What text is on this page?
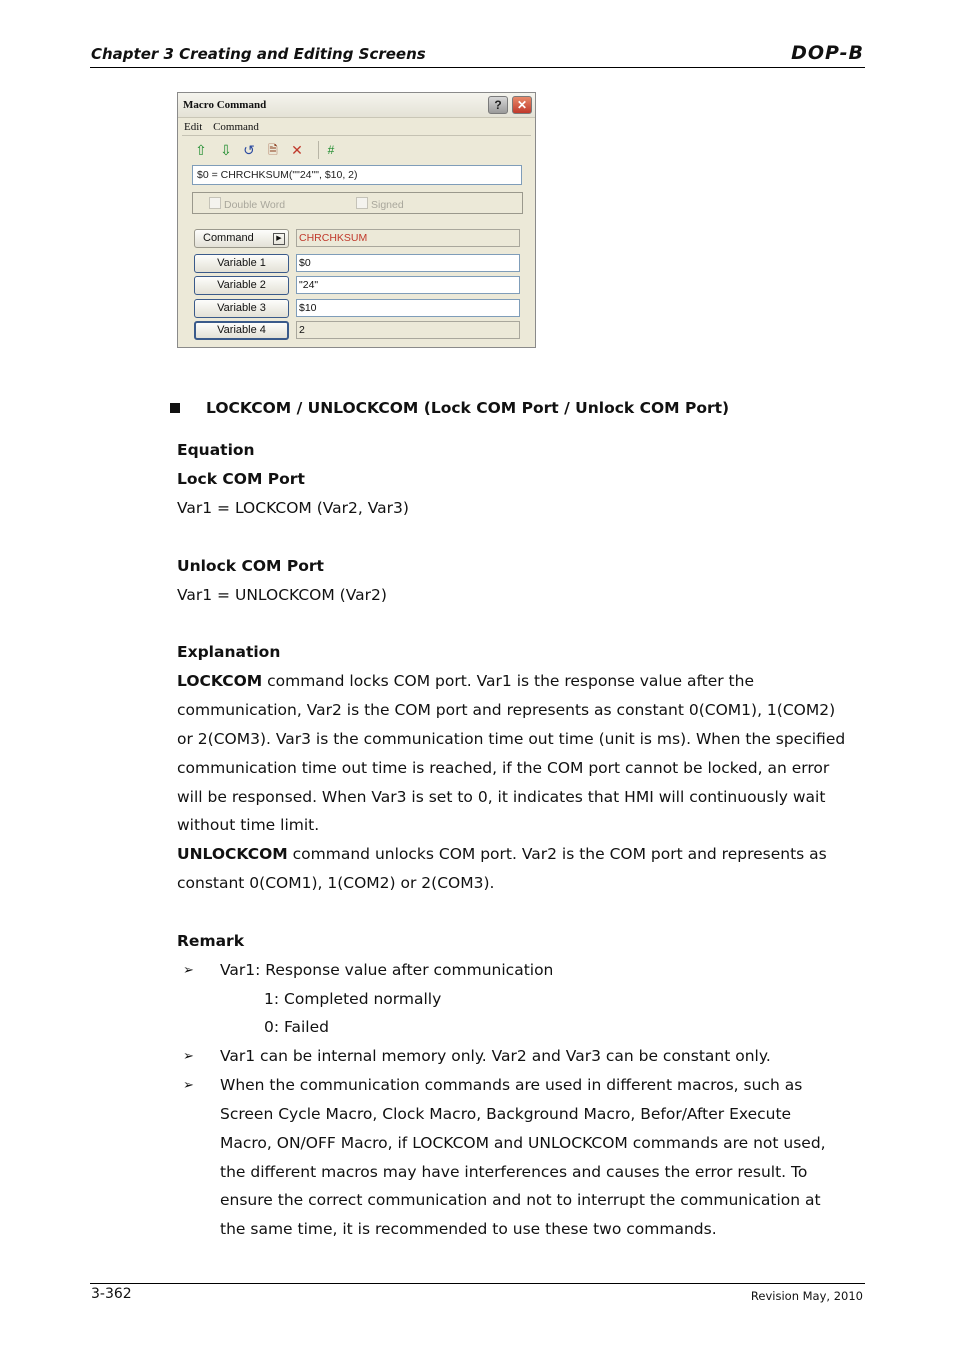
Chapter 3 Creating and Editing Screens	DOP-B
Macro Command	?	✕
Edit Command
⇧ ⇩ ↺	🗎 ✕	#
$0 = CHRCHKSUM(""24"", $10, 2)
Double Word	Signed
Command	▶	CHRCHKSUM
Variable 1	$0
Variable 2	"24"
Variable 3	$10
Variable 4	2
LOCKCOM / UNLOCKCOM (Lock COM Port / Unlock COM Port)
Equation
Lock COM Port
Var1 = LOCKCOM (Var2, Var3)
Unlock COM Port
Var1 = UNLOCKCOM (Var2)
Explanation
LOCKCOM command locks COM port. Var1 is the response value after the
communication, Var2 is the COM port and represents as constant 0(COM1), 1(COM2)
or 2(COM3). Var3 is the communication time out time (unit is ms). When the specified
communication time out time is reached, if the COM port cannot be locked, an error
will be responsed. When Var3 is set to 0, it indicates that HMI will continuously wait
without time limit.
UNLOCKCOM command unlocks COM port. Var2 is the COM port and represents as
constant 0(COM1), 1(COM2) or 2(COM3).
Remark
➢ Var1: Response value after communication
1: Completed normally
0: Failed
➢ Var1 can be internal memory only. Var2 and Var3 can be constant only.
➢ When the communication commands are used in different macros, such as
Screen Cycle Macro, Clock Macro, Background Macro, Befor/After Execute
Macro, ON/OFF Macro, if LOCKCOM and UNLOCKCOM commands are not used,
the different macros may have interferences and causes the error result. To
ensure the correct communication and not to interrupt the communication at
the same time, it is recommended to use these two commands.
3-362	Revision May, 2010
